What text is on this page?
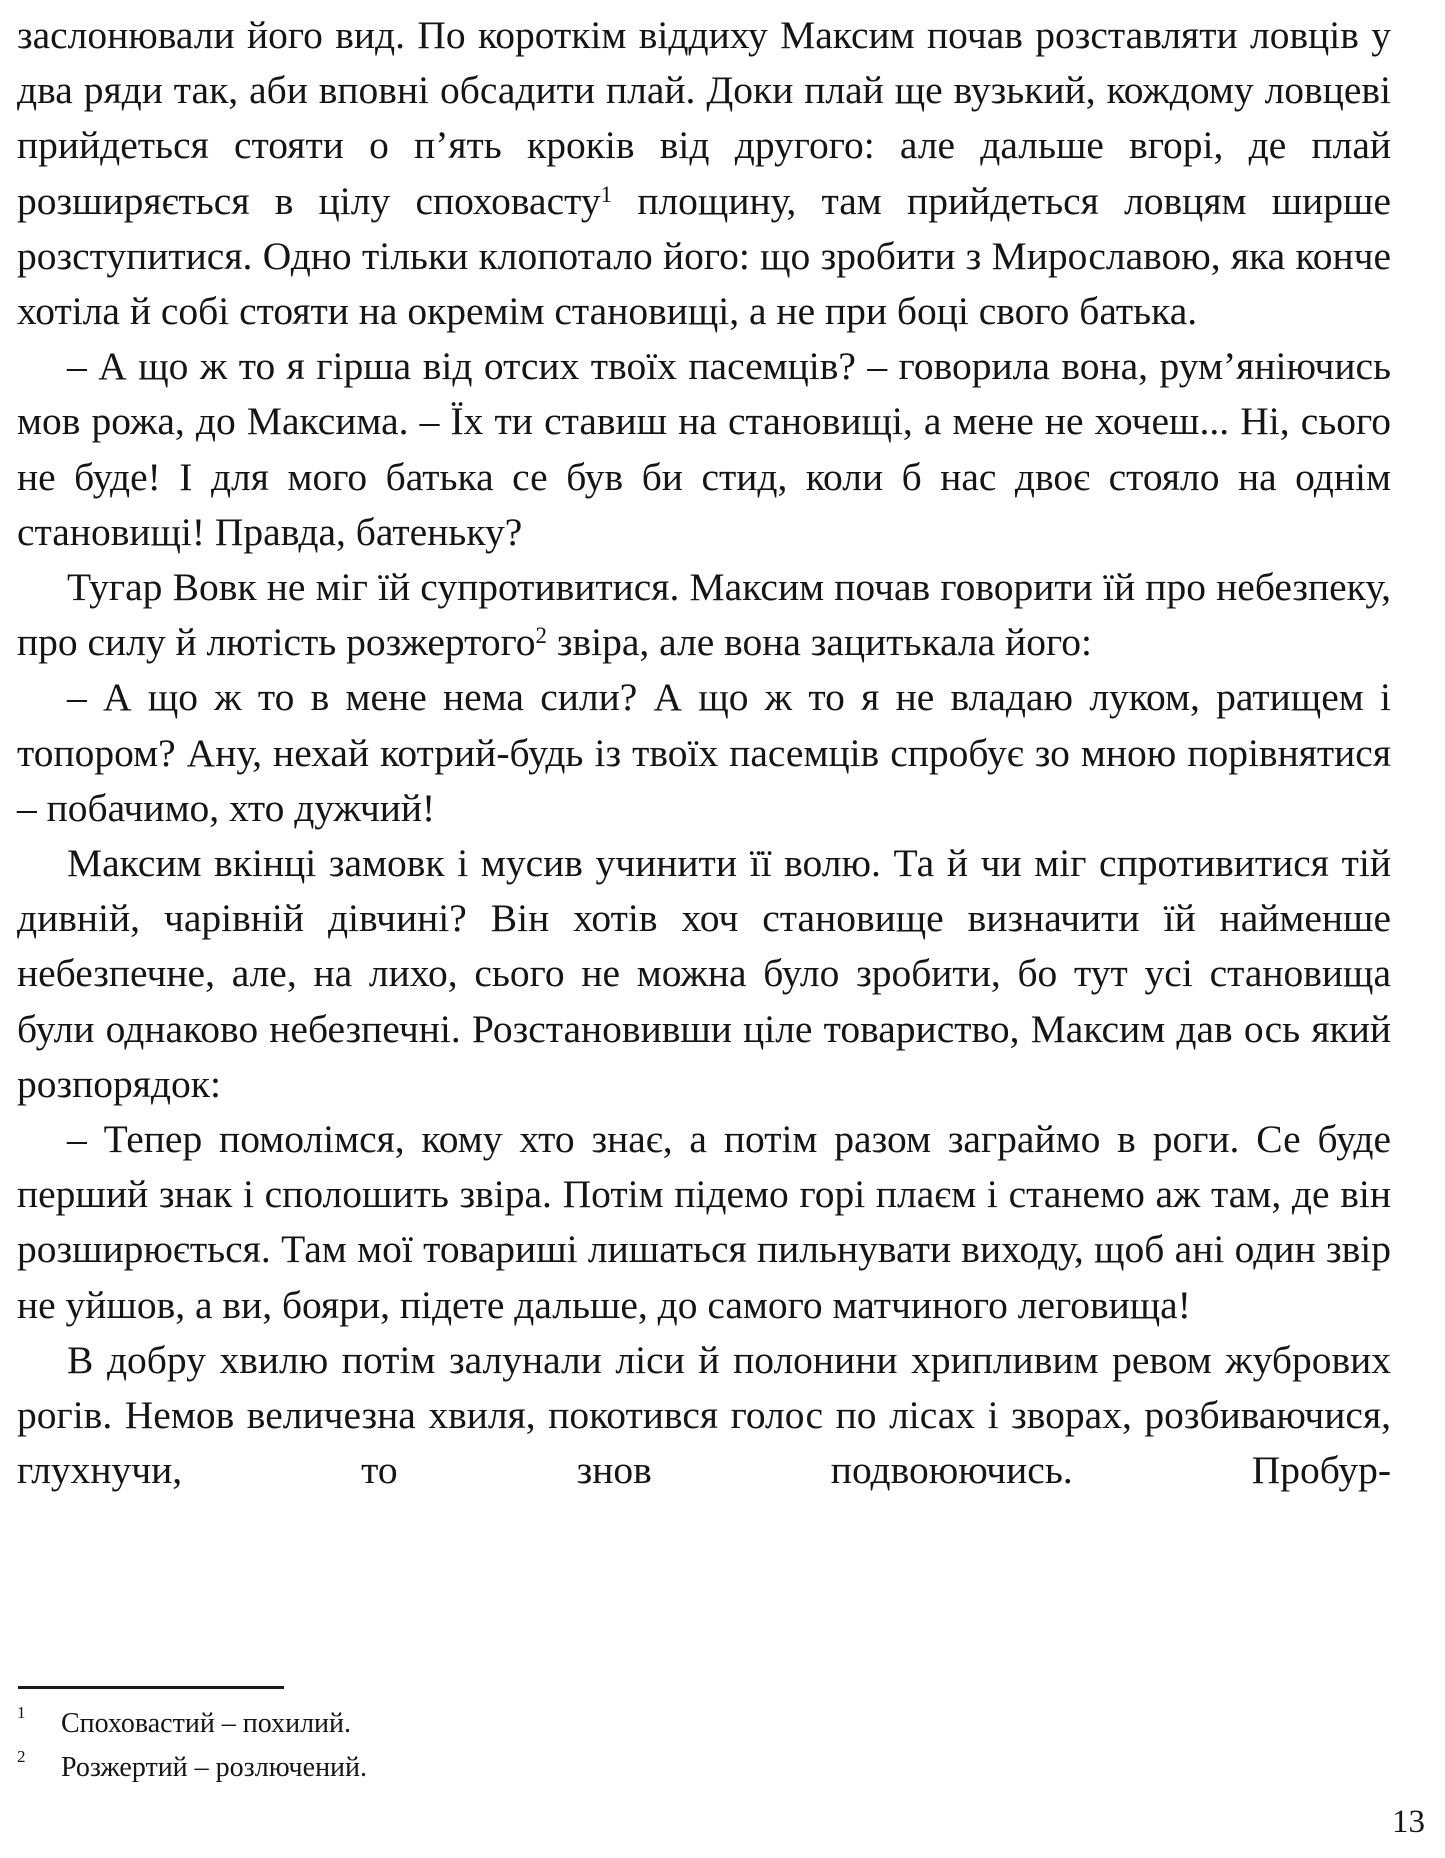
заслонювали його вид. По короткім віддиху Максим почав розставляти ловців у два ряди так, аби вповні обсадити плай. Доки плай ще вузький, кождому ловцеві прийдеться стояти о п’ять кроків від другого: але дальше вгорі, де плай розширяється в цілу споховасту$^1$ площину, там прийдеться ловцям ширше розступитися. Одно тільки клопотало його: що зробити з Мирославою, яка конче хотіла й собі стояти на окремім становищі, а не при боці свого батька.

– А що ж то я гірша від отсих твоїх пасемців? – говорила вона, рум’яніючись мов рожа, до Максима. – Їх ти ставиш на становищі, а мене не хочеш... Ні, сього не буде! І для мого батька се був би стид, коли б нас двоє стояло на однім становищі! Правда, батеньку?

Тугар Вовк не міг їй супротивитися. Максим почав говорити їй про небезпеку, про силу й лютість розжертого$^2$ звіра, але вона зацитькала його:

– А що ж то в мене нема сили? А що ж то я не владаю луком, ратищем і топором? Ану, нехай котрий-будь із твоїх пасемців спробує зо мною порівнятися – побачимо, хто дужчий!

Максим вкінці замовк і мусив учинити її волю. Та й чи міг спротивитися тій дивній, чарівній дівчині? Він хотів хоч становище визначити їй найменше небезпечне, але, на лихо, сього не можна було зробити, бо тут усі становища були однаково небезпечні. Розстановивши ціле товариство, Максим дав ось який розпорядок:

– Тепер помолімся, кому хто знає, а потім разом заграймо в роги. Се буде перший знак і сполошить звіра. Потім підемо горі плаєм і станемо аж там, де він розширюється. Там мої товариші лишаться пильнувати виходу, щоб ані один звір не уйшов, а ви, бояри, підете дальше, до самого матчиного леговища!

В добру хвилю потім залунали ліси й полонини хрипливим ревом жубрових рогів. Немов величезна хвиля, покотився голос по лісах і зворах, розбиваючися, глухнучи, то знов подвоюючись. Пробур-

1 Споховастий – похилий.
2 Розжертий – розлючений.
13
